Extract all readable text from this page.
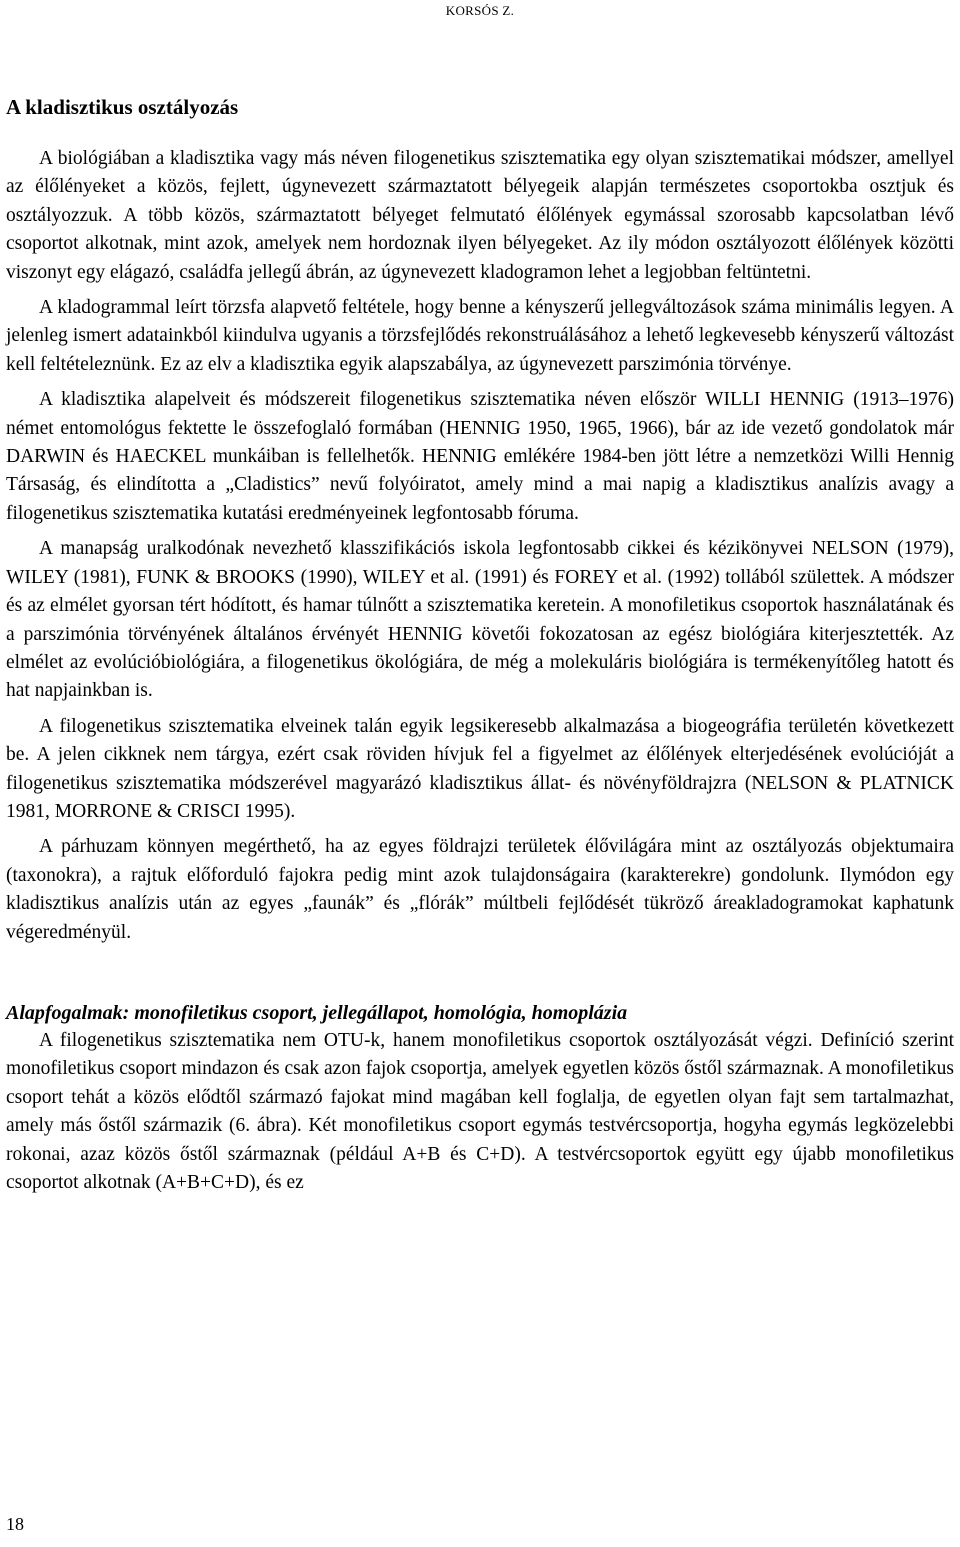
KORSÓS Z.
A kladisztikus osztályozás

A biológiában a kladisztika vagy más néven filogenetikus szisztematika egy olyan szisztematikai módszer, amellyel az élőlényeket a közös, fejlett, úgynevezett származtatott bélyegeik alapján természetes csoportokba osztjuk és osztályozzuk. A több közös, származtatott bélyeget felmutató élőlények egymással szorosabb kapcsolatban lévő csoportot alkotnak, mint azok, amelyek nem hordoznak ilyen bélyegeket. Az ily módon osztályozott élőlények közötti viszonyt egy elágazó, családfa jellegű ábrán, az úgynevezett kladogramon lehet a legjobban feltüntetni.

A kladogrammal leírt törzsfa alapvető feltétele, hogy benne a kényszerű jellegváltozások száma minimális legyen. A jelenleg ismert adatainkból kiindulva ugyanis a törzsfejlődés rekonstruálásához a lehető legkevesebb kényszerű változást kell feltételeznünk. Ez az elv a kladisztika egyik alapszabálya, az úgynevezett parszimónia törvénye.

A kladisztika alapelveit és módszereit filogenetikus szisztematika néven először WILLI HENNIG (1913–1976) német entomológus fektette le összefoglaló formában (HENNIG 1950, 1965, 1966), bár az ide vezető gondolatok már DARWIN és HAECKEL munkáiban is fellelhetők. HENNIG emlékére 1984-ben jött létre a nemzetközi Willi Hennig Társaság, és elindította a „Cladistics” nevű folyóiratot, amely mind a mai napig a kladisztikus analízis avagy a filogenetikus szisztematika kutatási eredményeinek legfontosabb fóruma.

A manapság uralkodónak nevezhető klasszifikációs iskola legfontosabb cikkei és kézikönyvei NELSON (1979), WILEY (1981), FUNK & BROOKS (1990), WILEY et al. (1991) és FOREY et al. (1992) tollából születtek. A módszer és az elmélet gyorsan tért hódított, és hamar túlnőtt a szisztematika keretein. A monofiletikus csoportok használatának és a parszimónia törvényének általános érvényét HENNIG követői fokozatosan az egész biológiára kiterjesztették. Az elmélet az evolúcióbiológiára, a filogenetikus ökológiára, de még a molekuláris biológiára is termékenyítőleg hatott és hat napjainkban is.

A filogenetikus szisztematika elveinek talán egyik legsikeresebb alkalmazása a biogeográfia területén következett be. A jelen cikknek nem tárgya, ezért csak röviden hívjuk fel a figyelmet az élőlények elterjedésének evolúcióját a filogenetikus szisztematika módszerével magyarázó kladisztikus állat- és növényföldrajzra (NELSON & PLATNICK 1981, MORRONE & CRISCI 1995).

A párhuzam könnyen megérthető, ha az egyes földrajzi területek élővilágára mint az osztályozás objektumaira (taxonokra), a rajtuk előforduló fajokra pedig mint azok tulajdonságaira (karakterekre) gondolunk. Ilymódon egy kladisztikus analízis után az egyes „faunák” és „flórák” múltbeli fejlődését tükröző áreakladogramokat kaphatunk végeredményül.

Alapfogalmak: monofiletikus csoport, jellegállapot, homológia, homoplázia

A filogenetikus szisztematika nem OTU-k, hanem monofiletikus csoportok osztályozását végzi. Definíció szerint monofiletikus csoport mindazon és csak azon fajok csoportja, amelyek egyetlen közös őstől származnak. A monofiletikus csoport tehát a közös elődtől származó fajokat mind magában kell foglalja, de egyetlen olyan fajt sem tartalmazhat, amely más őstől származik (6. ábra). Két monofiletikus csoport egymás testvércsoportja, hogyha egymás legközelebbi rokonai, azaz közös őstől származnak (például A+B és C+D). A testvércsoportok együtt egy újabb monofiletikus csoportot alkotnak (A+B+C+D), és ez

18
